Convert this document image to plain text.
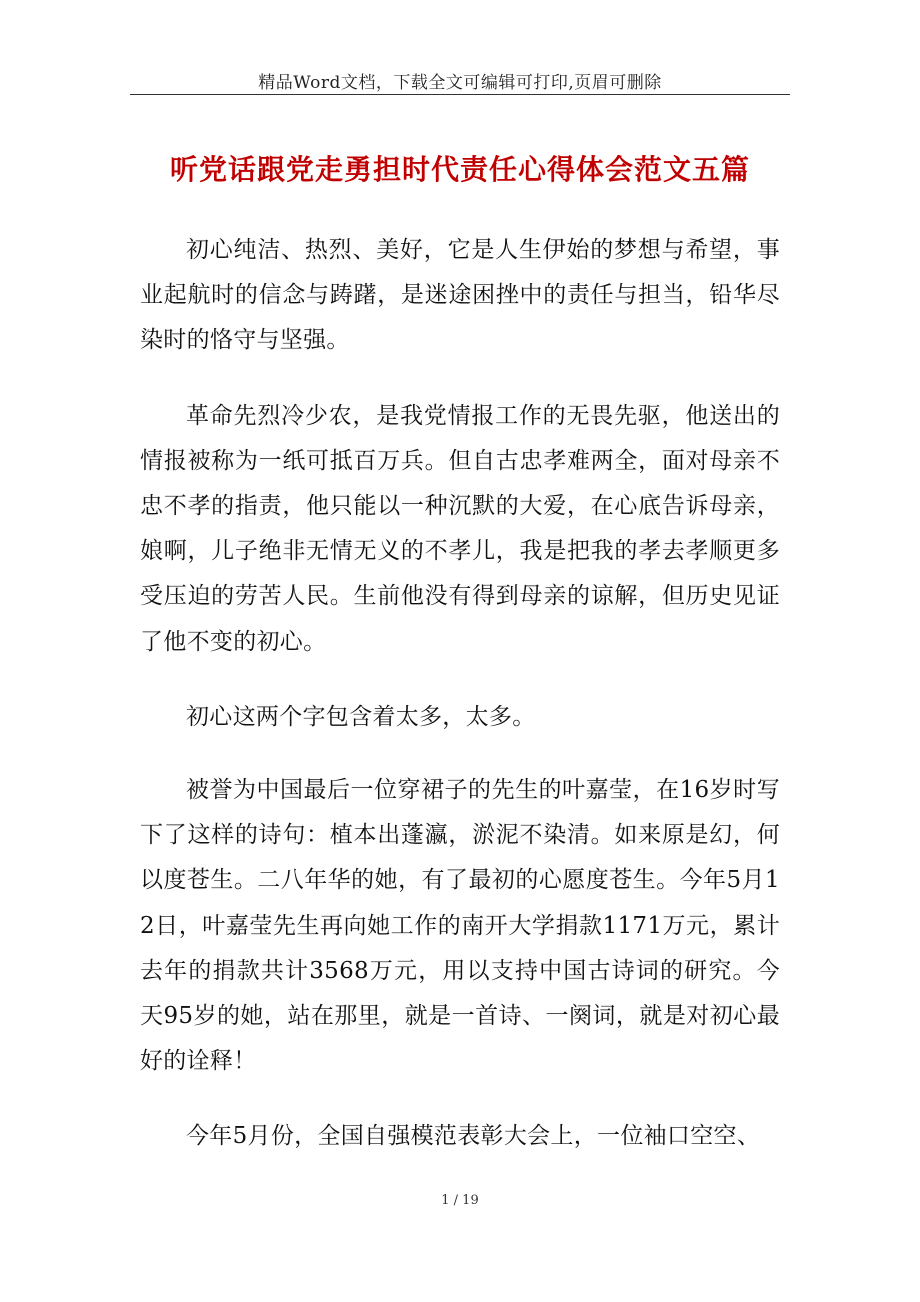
精品Word文档，下载全文可编辑可打印,页眉可删除
听党话跟党走勇担时代责任心得体会范文五篇

初心纯洁、热烈、美好，它是人生伊始的梦想与希望，事业起航时的信念与踌躇，是迷途困挫中的责任与担当，铅华尽染时的恪守与坚强。

革命先烈冷少农，是我党情报工作的无畏先驱，他送出的情报被称为一纸可抵百万兵。但自古忠孝难两全，面对母亲不忠不孝的指责，他只能以一种沉默的大爱，在心底告诉母亲，娘啊，儿子绝非无情无义的不孝儿，我是把我的孝去孝顺更多受压迫的劳苦人民。生前他没有得到母亲的谅解，但历史见证了他不变的初心。

初心这两个字包含着太多，太多。

被誉为中国最后一位穿裙子的先生的叶嘉莹，在16岁时写下了这样的诗句：植本出蓬瀛，淤泥不染清。如来原是幻，何以度苍生。二八年华的她，有了最初的心愿度苍生。今年5月12日，叶嘉莹先生再向她工作的南开大学捐款1171万元，累计去年的捐款共计3568万元，用以支持中国古诗词的研究。今天95岁的她，站在那里，就是一首诗、一阕词，就是对初心最好的诠释！

今年5月份，全国自强模范表彰大会上，一位袖口空空、

1 / 19
